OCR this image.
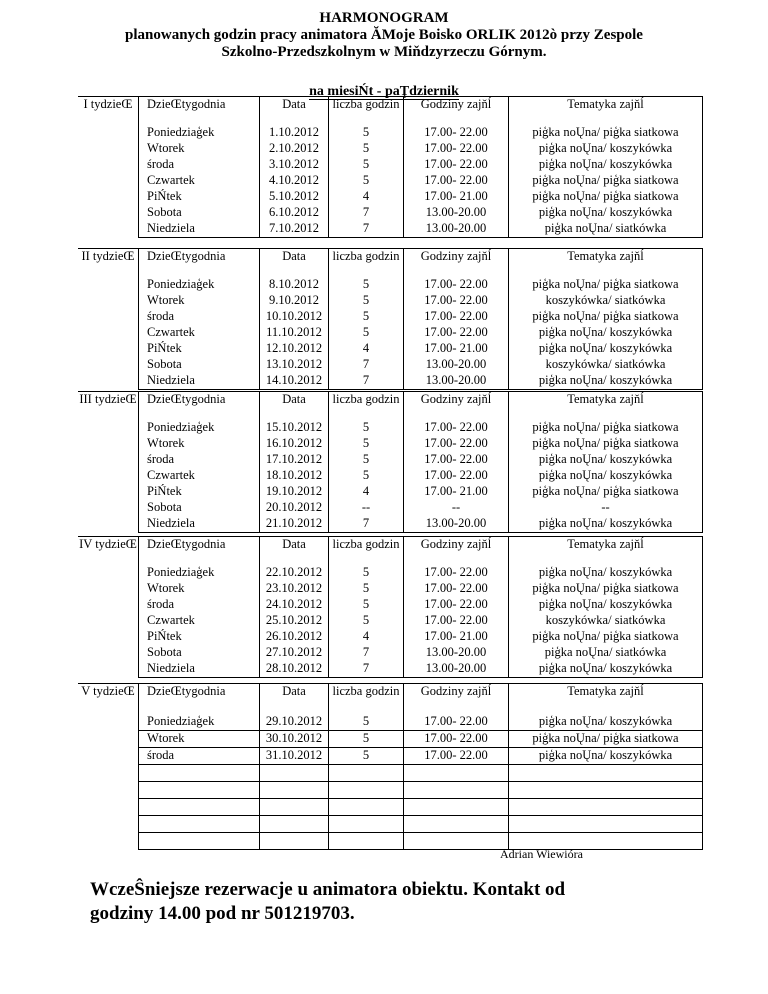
HARMONOGRAM
planowanych godzin pracy animatora ĂMoje Boisko ORLIK 2012ò przy Zespole
Szkolno-Przedszkolnym w Miňdzyrzeczu Górnym.
na miesiŃt - paŢdziernik
I tydzieŒ	DzieŒtygodnia	Data	liczba godzin	Godziny zajňĺ	Tematyka zajňĺ
	Poniedziaģek	1.10.2012	5	17.00- 22.00	piģka noŲna/ piģka siatkowa
	Wtorek	2.10.2012	5	17.00- 22.00	piģka noŲna/ koszykówka
	środa	3.10.2012	5	17.00- 22.00	piģka noŲna/ koszykówka
	Czwartek	4.10.2012	5	17.00- 22.00	piģka noŲna/ piģka siatkowa
	PiŃtek	5.10.2012	4	17.00- 21.00	piģka noŲna/ piģka siatkowa
	Sobota	6.10.2012	7	13.00-20.00	piģka noŲna/ koszykówka
	Niedziela	7.10.2012	7	13.00-20.00	piģka noŲna/ siatkówka
II tydzieŒ	DzieŒtygodnia	Data	liczba godzin	Godziny zajňĺ	Tematyka zajňĺ
	Poniedziaģek	8.10.2012	5	17.00- 22.00	piģka noŲna/ piģka siatkowa
	Wtorek	9.10.2012	5	17.00- 22.00	koszykówka/ siatkówka
	środa	10.10.2012	5	17.00- 22.00	piģka noŲna/ piģka siatkowa
	Czwartek	11.10.2012	5	17.00- 22.00	piģka noŲna/ koszykówka
	PiŃtek	12.10.2012	4	17.00- 21.00	piģka noŲna/ koszykówka
	Sobota	13.10.2012	7	13.00-20.00	koszykówka/ siatkówka
	Niedziela	14.10.2012	7	13.00-20.00	piģka noŲna/ koszykówka
III tydzieŒ	DzieŒtygodnia	Data	liczba godzin	Godziny zajňĺ	Tematyka zajňĺ
	Poniedziaģek	15.10.2012	5	17.00- 22.00	piģka noŲna/ piģka siatkowa
	Wtorek	16.10.2012	5	17.00- 22.00	piģka noŲna/ piģka siatkowa
	środa	17.10.2012	5	17.00- 22.00	piģka noŲna/ koszykówka
	Czwartek	18.10.2012	5	17.00- 22.00	piģka noŲna/ koszykówka
	PiŃtek	19.10.2012	4	17.00- 21.00	piģka noŲna/ piģka siatkowa
	Sobota	20.10.2012	--	--	--
	Niedziela	21.10.2012	7	13.00-20.00	piģka noŲna/ koszykówka
IV tydzieŒ	DzieŒtygodnia	Data	liczba godzin	Godziny zajňĺ	Tematyka zajňĺ
	Poniedziaģek	22.10.2012	5	17.00- 22.00	piģka noŲna/ koszykówka
	Wtorek	23.10.2012	5	17.00- 22.00	piģka noŲna/ piģka siatkowa
	środa	24.10.2012	5	17.00- 22.00	piģka noŲna/ koszykówka
	Czwartek	25.10.2012	5	17.00- 22.00	koszykówka/ siatkówka
	PiŃtek	26.10.2012	4	17.00- 21.00	piģka noŲna/ piģka siatkowa
	Sobota	27.10.2012	7	13.00-20.00	piģka noŲna/ siatkówka
	Niedziela	28.10.2012	7	13.00-20.00	piģka noŲna/ koszykówka
V tydzieŒ	DzieŒtygodnia	Data	liczba godzin	Godziny zajňĺ	Tematyka zajňĺ
	Poniedziaģek	29.10.2012	5	17.00- 22.00	piģka noŲna/ koszykówka
	Wtorek	30.10.2012	5	17.00- 22.00	piģka noŲna/ piģka siatkowa
	środa	31.10.2012	5	17.00- 22.00	piģka noŲna/ koszykówka

Adrian Wiewióra
WczeŜniejsze rezerwacje u animatora obiektu. Kontakt od
godziny 14.00 pod nr 501219703.
